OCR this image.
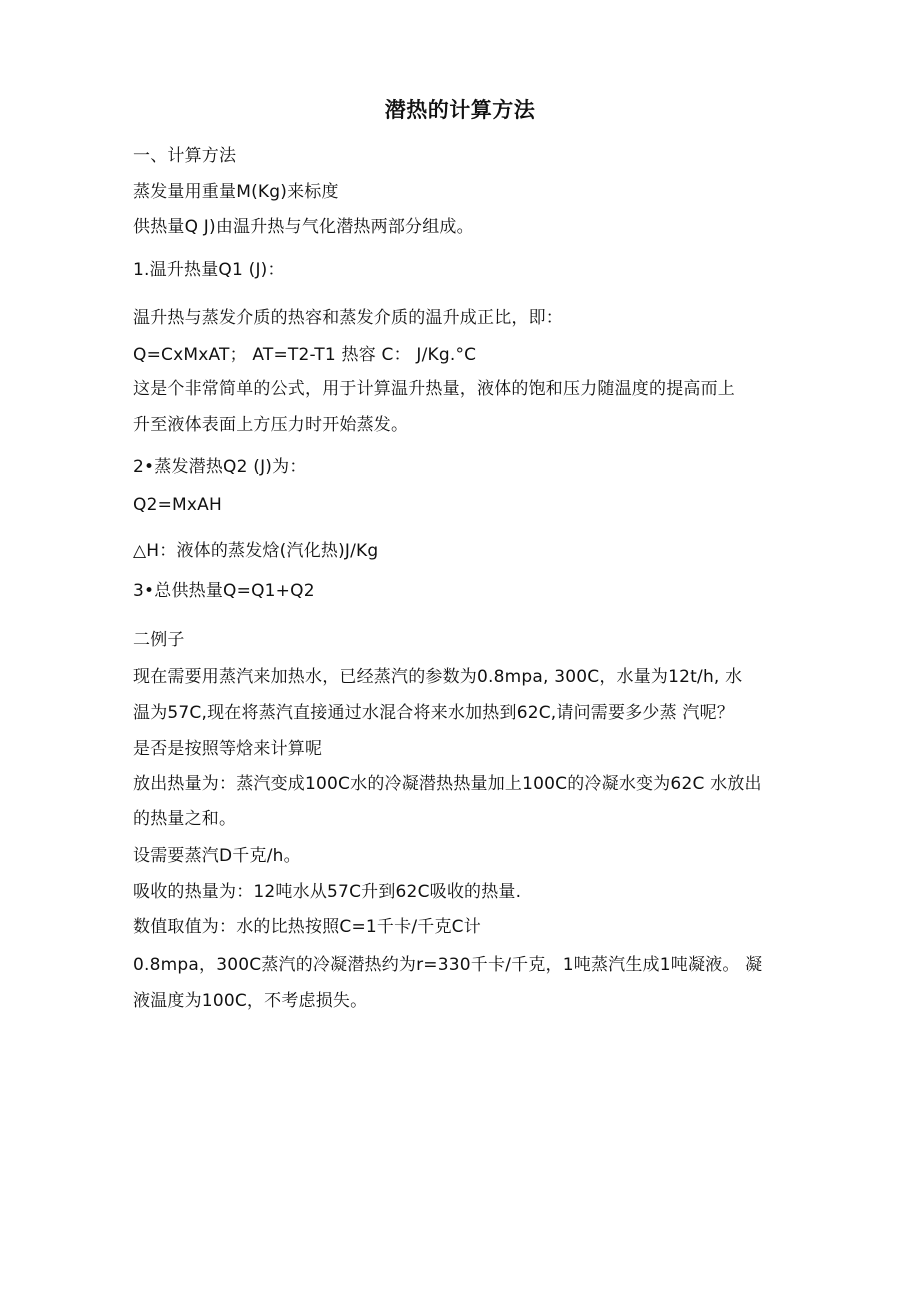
潜热的计算方法
一、计算方法
蒸发量用重量M(Kg)来标度
供热量Q J)由温升热与气化潜热两部分组成。
1.温升热量Q1 (J)：
温升热与蒸发介质的热容和蒸发介质的温升成正比，即：
Q=CxMxAT； AT=T2-T1 热容 C： J/Kg.°C
这是个非常简单的公式，用于计算温升热量，液体的饱和压力随温度的提高而上
升至液体表面上方压力时开始蒸发。
2•蒸发潜热Q2 (J)为：
Q2=MxAH
△H：液体的蒸发焓(汽化热)J/Kg
3•总供热量Q=Q1+Q2
二例子
现在需要用蒸汽来加热水，已经蒸汽的参数为0.8mpa, 300C，水量为12t/h, 水
温为57C,现在将蒸汽直接通过水混合将来水加热到62C,请问需要多少蒸 汽呢？
是否是按照等焓来计算呢
放出热量为：蒸汽变成100C水的冷凝潜热热量加上100C的冷凝水变为62C 水放出
的热量之和。
设需要蒸汽D千克/h。
吸收的热量为：12吨水从57C升到62C吸收的热量.
数值取值为：水的比热按照C=1千卡/千克C计
0.8mpa，300C蒸汽的冷凝潜热约为r=330千卡/千克，1吨蒸汽生成1吨凝液。 凝
液温度为100C，不考虑损失。
